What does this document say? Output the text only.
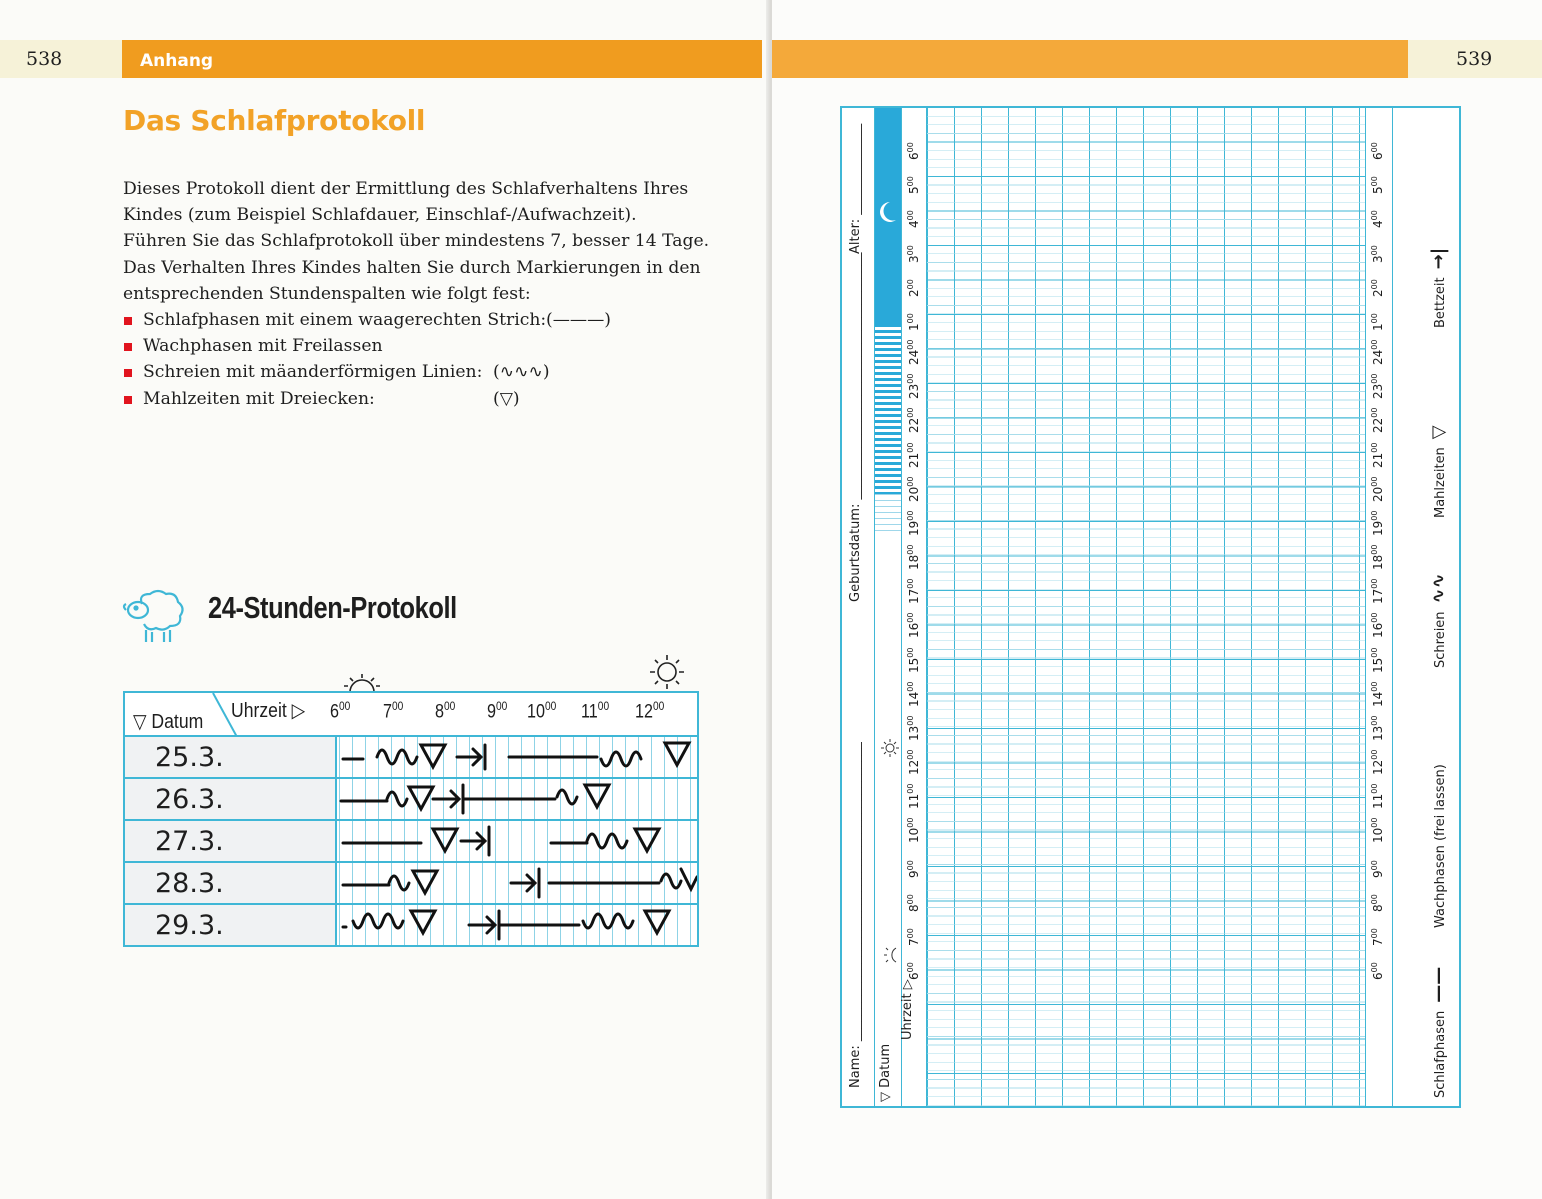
538	Anhang
Das Schlafprotokoll

Dieses Protokoll dient der Ermittlung des Schlafverhaltens Ihres

Kindes (zum Beispiel Schlafdauer, Einschlaf-/Aufwachzeit).

Führen Sie das Schlafprotokoll über mindestens 7, besser 14 Tage.

Das Verhalten Ihres Kindes halten Sie durch Markierungen in den

entsprechenden Stundenspalten wie folgt fest:

Schlafphasen mit einem waagerechten Strich: (———)
Wachphasen mit Freilassen
Schreien mit mäanderförmigen Linien: (∿∿∿)
Mahlzeiten mit Dreiecken:	(▽)
24-Stunden-Protokoll
▽ Datum Uhrzeit ▷ $6^{00}$ $7^{00}$ $8^{00}$ $9^{00}$ $10^{00}$ $11^{00}$ $12^{00}$
25.3.
26.3.
27.3.
28.3.
29.3.
539
Name: ______________________________________________
Geburtsdatum: ______________________________________
Alter: ______________
▽ Datum
Uhrzeit ▷
$6^{00}$
$7^{00}$
$8^{00}$
$9^{00}$
$10^{00}$
$11^{00}$
$12^{00}$
$13^{00}$
$14^{00}$
$15^{00}$
$16^{00}$
$17^{00}$
$18^{00}$
$19^{00}$
$20^{00}$
$21^{00}$
$22^{00}$
$23^{00}$
$24^{00}$
$1^{00}$
$2^{00}$
$3^{00}$
$4^{00}$
$5^{00}$
$6^{00}$
$6^{00}$
$7^{00}$
$8^{00}$
$9^{00}$
$10^{00}$
$11^{00}$
$12^{00}$
$13^{00}$
$14^{00}$
$15^{00}$
$16^{00}$
$17^{00}$
$18^{00}$
$19^{00}$
$20^{00}$
$21^{00}$
$22^{00}$
$23^{00}$
$24^{00}$
$1^{00}$
$2^{00}$
$3^{00}$
$4^{00}$
$5^{00}$
$6^{00}$
Schlafphasen——
Wachphasen (frei lassen)
Schreien∿∿
Mahlzeiten▽
Bettzeit→|
